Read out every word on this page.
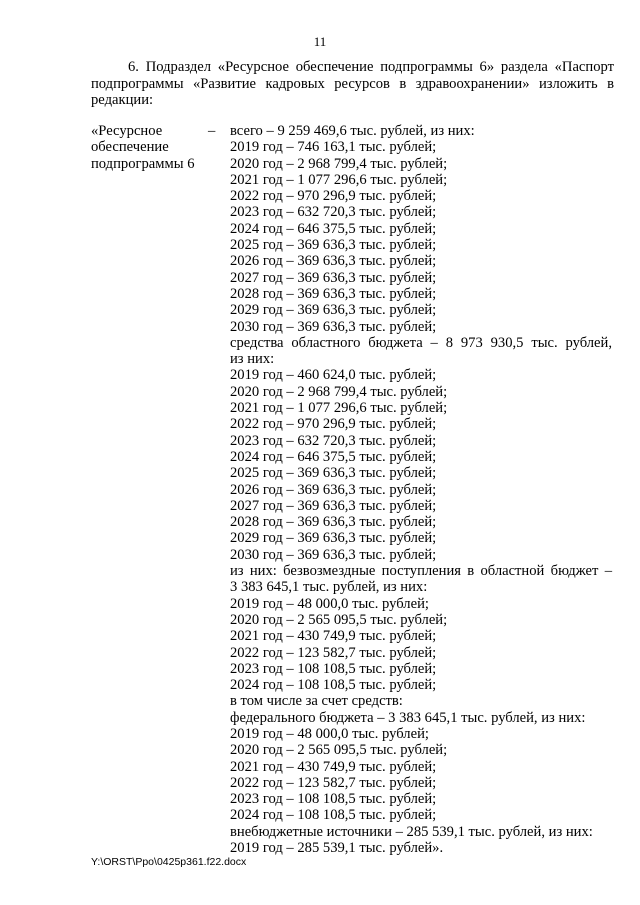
11

6. Подраздел «Ресурсное обеспечение подпрограммы 6» раздела «Паспорт подпрограммы «Развитие кадровых ресурсов в здравоохранении» изложить в редакции:

«Ресурсное
обеспечение
подпрограммы 6
– всего – 9 259 469,6 тыс. рублей, из них:
2019 год – 746 163,1 тыс. рублей;
2020 год – 2 968 799,4 тыс. рублей;
2021 год – 1 077 296,6 тыс. рублей;
2022 год – 970 296,9 тыс. рублей;
2023 год – 632 720,3 тыс. рублей;
2024 год – 646 375,5 тыс. рублей;
2025 год – 369 636,3 тыс. рублей;
2026 год – 369 636,3 тыс. рублей;
2027 год – 369 636,3 тыс. рублей;
2028 год – 369 636,3 тыс. рублей;
2029 год – 369 636,3 тыс. рублей;
2030 год – 369 636,3 тыс. рублей;
средства областного бюджета – 8 973 930,5 тыс. рублей,
из них:
2019 год – 460 624,0 тыс. рублей;
2020 год – 2 968 799,4 тыс. рублей;
2021 год – 1 077 296,6 тыс. рублей;
2022 год – 970 296,9 тыс. рублей;
2023 год – 632 720,3 тыс. рублей;
2024 год – 646 375,5 тыс. рублей;
2025 год – 369 636,3 тыс. рублей;
2026 год – 369 636,3 тыс. рублей;
2027 год – 369 636,3 тыс. рублей;
2028 год – 369 636,3 тыс. рублей;
2029 год – 369 636,3 тыс. рублей;
2030 год – 369 636,3 тыс. рублей;
из них: безвозмездные поступления в областной бюджет –
3 383 645,1 тыс. рублей, из них:
2019 год – 48 000,0 тыс. рублей;
2020 год – 2 565 095,5 тыс. рублей;
2021 год – 430 749,9 тыс. рублей;
2022 год – 123 582,7 тыс. рублей;
2023 год – 108 108,5 тыс. рублей;
2024 год – 108 108,5 тыс. рублей;
в том числе за счет средств:
федерального бюджета – 3 383 645,1 тыс. рублей, из них:
2019 год – 48 000,0 тыс. рублей;
2020 год – 2 565 095,5 тыс. рублей;
2021 год – 430 749,9 тыс. рублей;
2022 год – 123 582,7 тыс. рублей;
2023 год – 108 108,5 тыс. рублей;
2024 год – 108 108,5 тыс. рублей;
внебюджетные источники – 285 539,1 тыс. рублей, из них:
2019 год – 285 539,1 тыс. рублей».
Y:\ORST\Ppo\0425p361.f22.docx
